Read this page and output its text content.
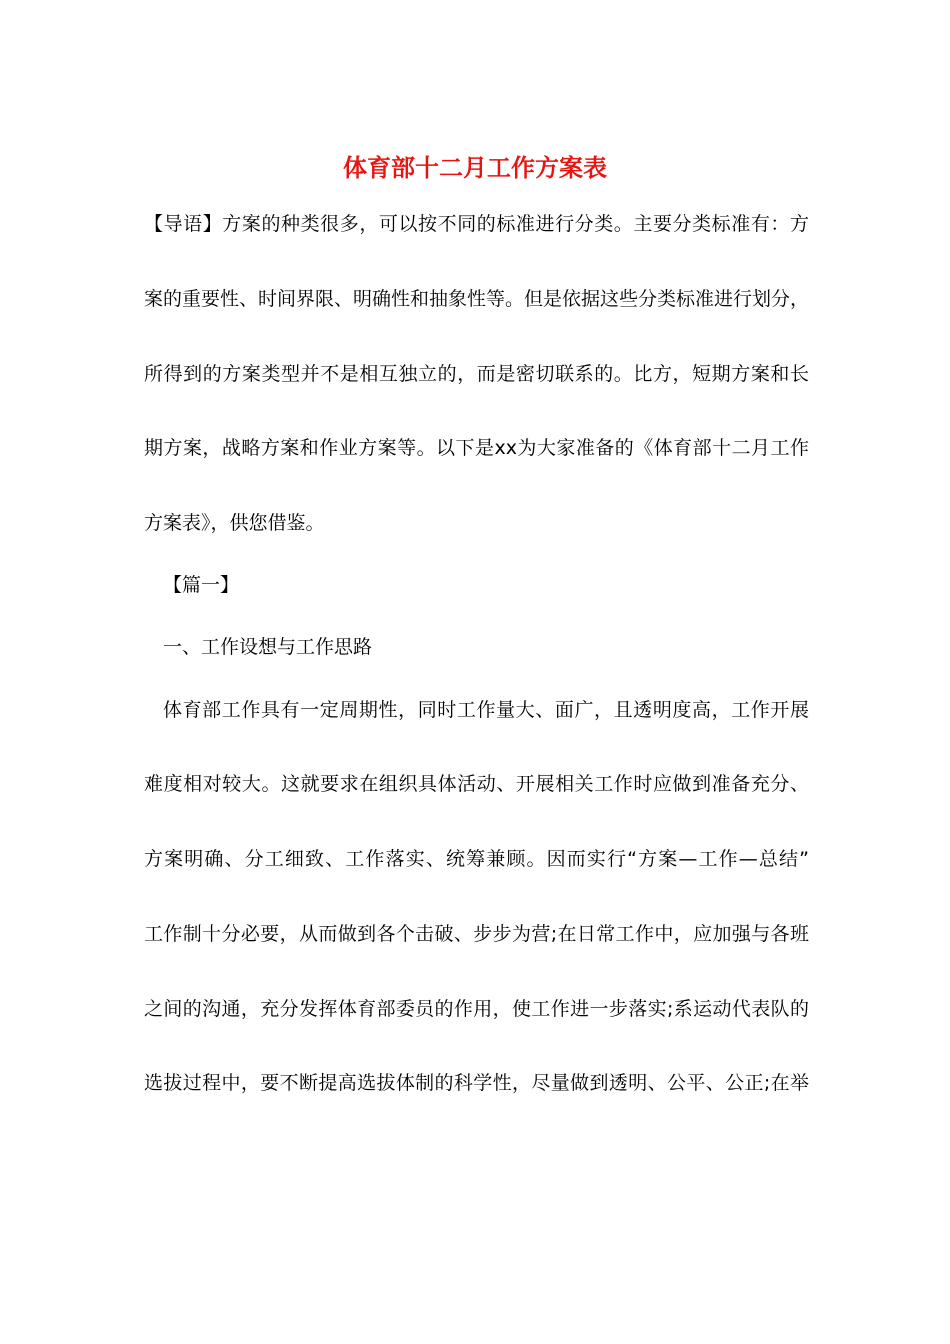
体育部十二月工作方案表

【导语】方案的种类很多，可以按不同的标准进行分类。主要分类标准有：方

案的重要性、时间界限、明确性和抽象性等。但是依据这些分类标准进行划分，

所得到的方案类型并不是相互独立的，而是密切联系的。比方，短期方案和长

期方案，战略方案和作业方案等。以下是xx为大家准备的《体育部十二月工作

方案表》，供您借鉴。

【篇一】

一、工作设想与工作思路

体育部工作具有一定周期性，同时工作量大、面广，且透明度高，工作开展

难度相对较大。这就要求在组织具体活动、开展相关工作时应做到准备充分、

方案明确、分工细致、工作落实、统筹兼顾。因而实行“方案—工作—总结”

工作制十分必要，从而做到各个击破、步步为营;在日常工作中，应加强与各班

之间的沟通，充分发挥体育部委员的作用，使工作进一步落实;系运动代表队的

选拔过程中，要不断提高选拔体制的科学性，尽量做到透明、公平、公正;在举
